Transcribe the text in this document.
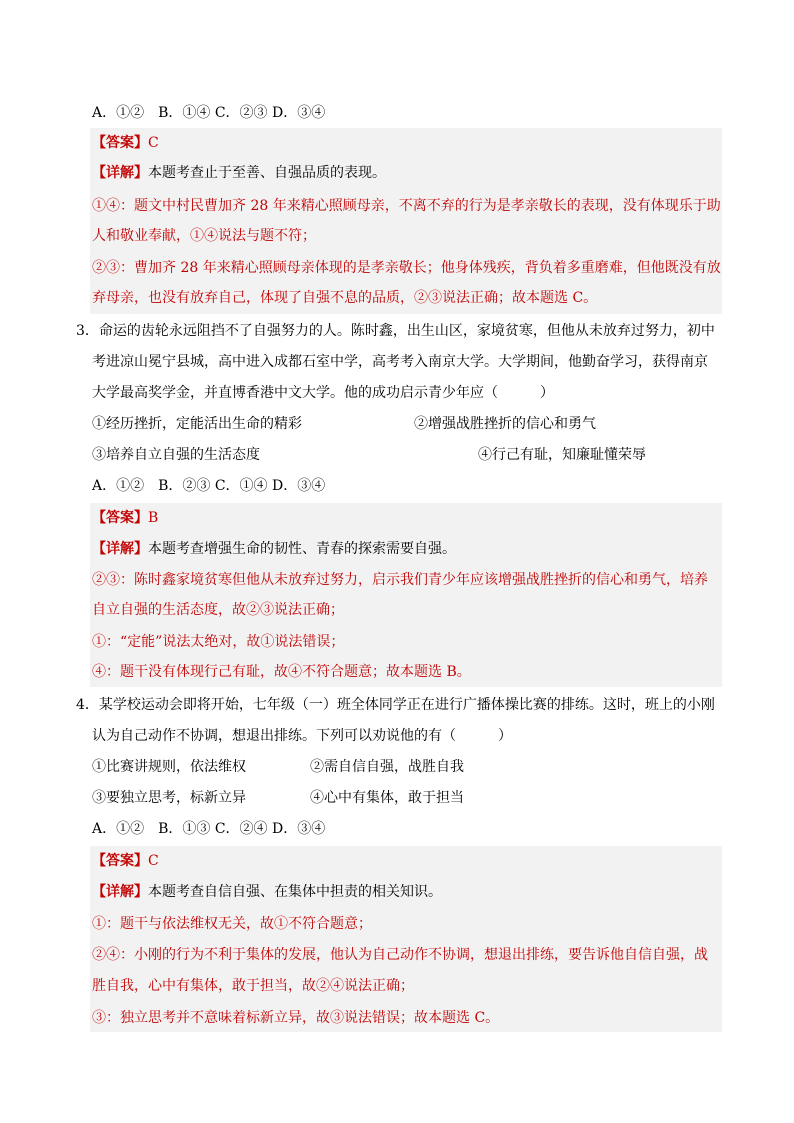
A．①②　B．①④ C．②③ D．③④
【答案】C
【详解】本题考查止于至善、自强品质的表现。
①④：题文中村民曹加齐 28 年来精心照顾母亲，不离不弃的行为是孝亲敬长的表现，没有体现乐于助
人和敬业奉献，①④说法与题不符；
②③：曹加齐 28 年来精心照顾母亲体现的是孝亲敬长；他身体残疾，背负着多重磨难，但他既没有放
弃母亲，也没有放弃自己，体现了自强不息的品质，②③说法正确；故本题选 C。
3．命运的齿轮永远阻挡不了自强努力的人。陈时鑫，出生山区，家境贫寒，但他从未放弃过努力，初中
考进凉山冕宁县城，高中进入成都石室中学，高考考入南京大学。大学期间，他勤奋学习，获得南京
大学最高奖学金，并直博香港中文大学。他的成功启示青少年应（　　　）
①经历挫折，定能活出生命的精彩	②增强战胜挫折的信心和勇气
③培养自立自强的生活态度	④行己有耻，知廉耻懂荣辱
A．①②　B．②③ C．①④ D．③④
【答案】B
【详解】本题考查增强生命的韧性、青春的探索需要自强。
②③：陈时鑫家境贫寒但他从未放弃过努力，启示我们青少年应该增强战胜挫折的信心和勇气，培养
自立自强的生活态度，故②③说法正确；
①：“定能”说法太绝对，故①说法错误；
④：题干没有体现行己有耻，故④不符合题意；故本题选 B。
4．某学校运动会即将开始，七年级（一）班全体同学正在进行广播体操比赛的排练。这时，班上的小刚
认为自己动作不协调，想退出排练。下列可以劝说他的有（　　　）
①比赛讲规则，依法维权	②需自信自强，战胜自我
③要独立思考，标新立异	④心中有集体，敢于担当
A．①②　B．①③ C．②④ D．③④
【答案】C
【详解】本题考查自信自强、在集体中担责的相关知识。
①：题干与依法维权无关，故①不符合题意；
②④：小刚的行为不利于集体的发展，他认为自己动作不协调，想退出排练，要告诉他自信自强，战
胜自我，心中有集体，敢于担当，故②④说法正确；
③：独立思考并不意味着标新立异，故③说法错误；故本题选 C。
